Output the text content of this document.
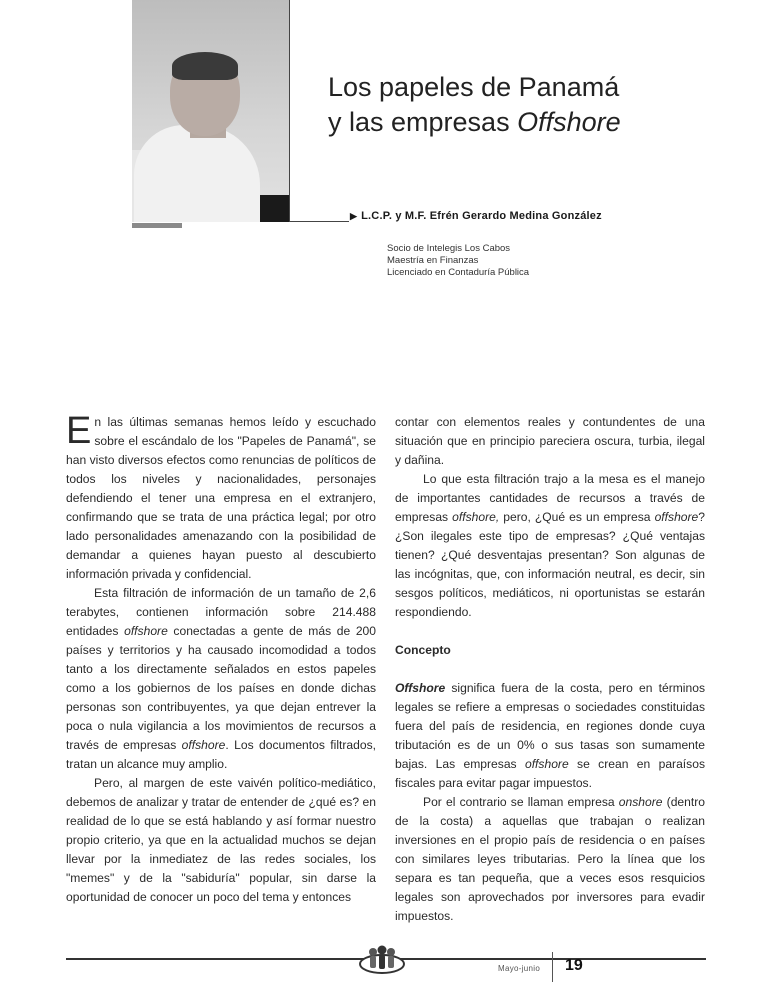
Los papeles de Panamá
y las empresas Offshore
▶ L.C.P. y M.F. Efrén Gerardo Medina González
Socio de Intelegis Los Cabos
Maestría en Finanzas
Licenciado en Contaduría Pública

En las últimas semanas hemos leído y escuchado sobre el escándalo de los "Papeles de Panamá", se han visto diversos efectos como renuncias de políticos de todos los niveles y nacionalidades, personajes defendiendo el tener una empresa en el extranjero, confirmando que se trata de una práctica legal; por otro lado personalidades amenazando con la posibilidad de demandar a quienes hayan puesto al descubierto información privada y confidencial.

Esta filtración de información de un tamaño de 2,6 terabytes, contienen información sobre 214.488 entidades offshore conectadas a gente de más de 200 países y territorios y ha causado incomodidad a todos tanto a los directamente señalados en estos papeles como a los gobiernos de los países en donde dichas personas son contribuyentes, ya que dejan entrever la poca o nula vigilancia a los movimientos de recursos a través de empresas offshore. Los documentos filtrados, tratan un alcance muy amplio.

Pero, al margen de este vaivén político-mediático, debemos de analizar y tratar de entender de ¿qué es? en realidad de lo que se está hablando y así formar nuestro propio criterio, ya que en la actualidad muchos se dejan llevar por la inmediatez de las redes sociales, los "memes" y de la "sabiduría" popular, sin darse la oportunidad de conocer un poco del tema y entonces

contar con elementos reales y contundentes de una situación que en principio pareciera oscura, turbia, ilegal y dañina.

Lo que esta filtración trajo a la mesa es el manejo de importantes cantidades de recursos a través de empresas offshore, pero, ¿Qué es un empresa offshore? ¿Son ilegales este tipo de empresas? ¿Qué ventajas tienen? ¿Qué desventajas presentan? Son algunas de las incógnitas, que, con información neutral, es decir, sin sesgos políticos, mediáticos, ni oportunistas se estarán respondiendo.

Concepto

Offshore significa fuera de la costa, pero en términos legales se refiere a empresas o sociedades constituidas fuera del país de residencia, en regiones donde cuya tributación es de un 0% o sus tasas son sumamente bajas. Las empresas offshore se crean en paraísos fiscales para evitar pagar impuestos.

Por el contrario se llaman empresa onshore (dentro de la costa) a aquellas que trabajan o realizan inversiones en el propio país de residencia o en países con similares leyes tributarias. Pero la línea que los separa es tan pequeña, que a veces esos resquicios legales son aprovechados por inversores para evadir impuestos.

Mayo-junio 19
